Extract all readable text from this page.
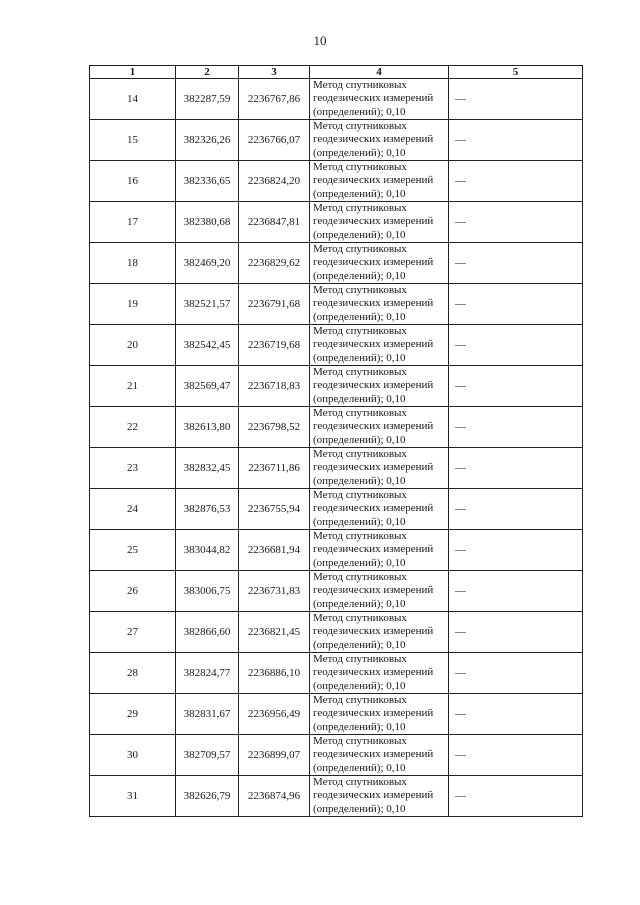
10
1	2	3	4	5
14	382287,59	2236767,86	Метод спутниковых
геодезических измерений
(определений); 0,10	—
15	382326,26	2236766,07	Метод спутниковых
геодезических измерений
(определений); 0,10	—
16	382336,65	2236824,20	Метод спутниковых
геодезических измерений
(определений); 0,10	—
17	382380,68	2236847,81	Метод спутниковых
геодезических измерений
(определений); 0,10	—
18	382469,20	2236829,62	Метод спутниковых
геодезических измерений
(определений); 0,10	—
19	382521,57	2236791,68	Метод спутниковых
геодезических измерений
(определений); 0,10	—
20	382542,45	2236719,68	Метод спутниковых
геодезических измерений
(определений); 0,10	—
21	382569,47	2236718,83	Метод спутниковых
геодезических измерений
(определений); 0,10	—
22	382613,80	2236798,52	Метод спутниковых
геодезических измерений
(определений); 0,10	—
23	382832,45	2236711,86	Метод спутниковых
геодезических измерений
(определений); 0,10	—
24	382876,53	2236755,94	Метод спутниковых
геодезических измерений
(определений); 0,10	—
25	383044,82	2236681,94	Метод спутниковых
геодезических измерений
(определений); 0,10	—
26	383006,75	2236731,83	Метод спутниковых
геодезических измерений
(определений); 0,10	—
27	382866,60	2236821,45	Метод спутниковых
геодезических измерений
(определений); 0,10	—
28	382824,77	2236886,10	Метод спутниковых
геодезических измерений
(определений); 0,10	—
29	382831,67	2236956,49	Метод спутниковых
геодезических измерений
(определений); 0,10	—
30	382709,57	2236899,07	Метод спутниковых
геодезических измерений
(определений); 0,10	—
31	382626,79	2236874,96	Метод спутниковых
геодезических измерений
(определений); 0,10	—
